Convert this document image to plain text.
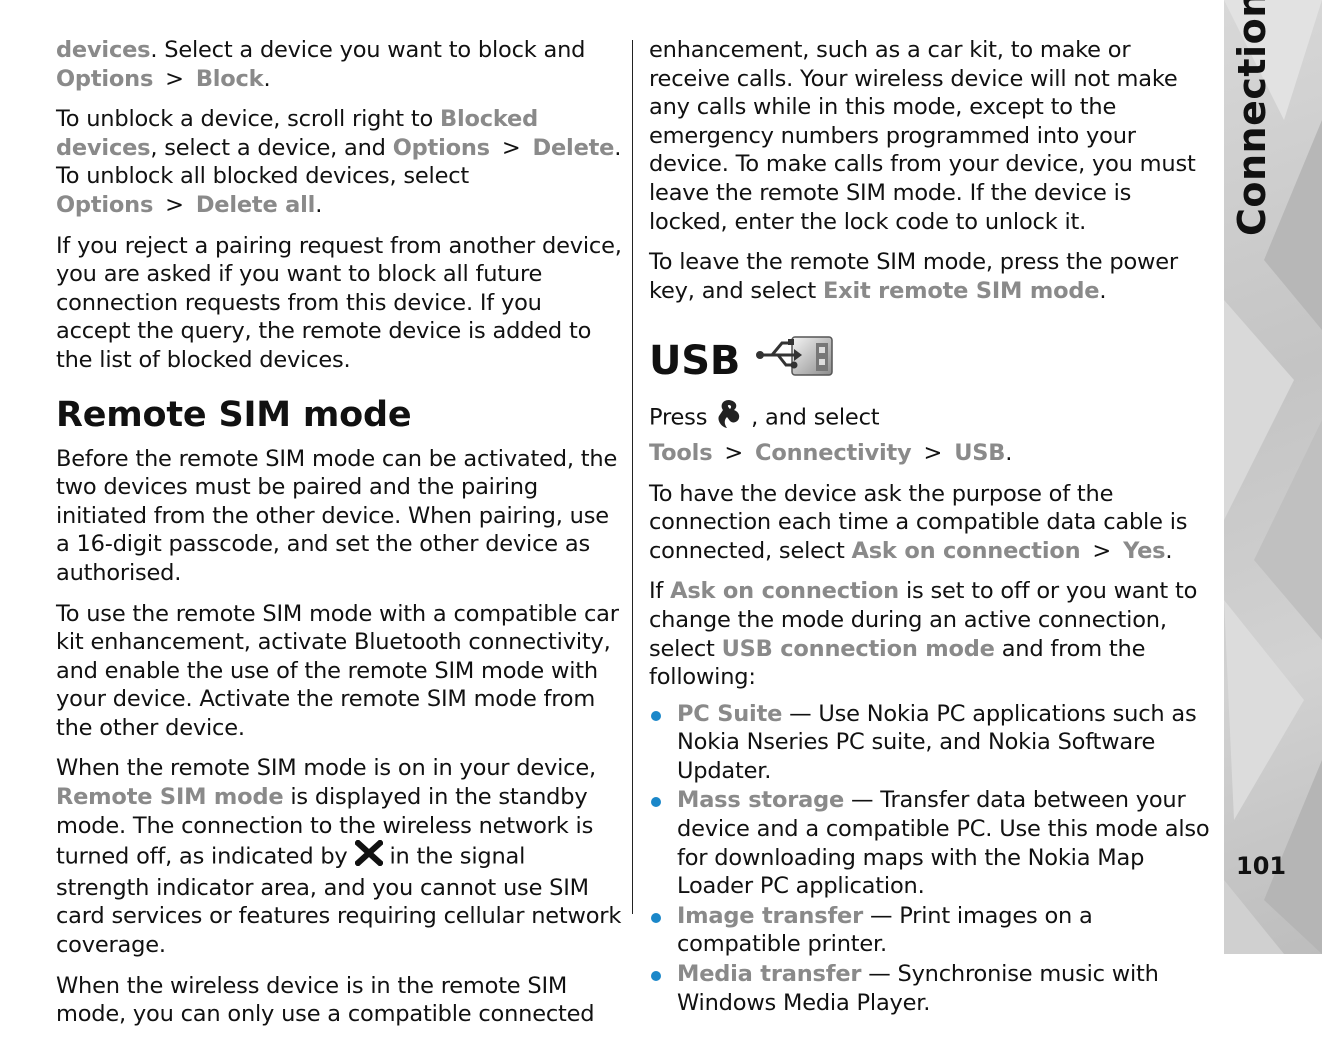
devices. Select a device you want to block and Options > Block.

To unblock a device, scroll right to Blocked devices, select a device, and Options > Delete. To unblock all blocked devices, select Options > Delete all.

If you reject a pairing request from another device, you are asked if you want to block all future connection requests from this device. If you accept the query, the remote device is added to the list of blocked devices.

Remote SIM mode

Before the remote SIM mode can be activated, the two devices must be paired and the pairing initiated from the other device. When pairing, use a 16-digit passcode, and set the other device as authorised.

To use the remote SIM mode with a compatible car kit enhancement, activate Bluetooth connectivity, and enable the use of the remote SIM mode with your device. Activate the remote SIM mode from the other device.

When the remote SIM mode is on in your device, Remote SIM mode is displayed in the standby mode. The connection to the wireless network is turned off, as indicated by  in the signal strength indicator area, and you cannot use SIM card services or features requiring cellular network coverage.

When the wireless device is in the remote SIM mode, you can only use a compatible connected

enhancement, such as a car kit, to make or receive calls. Your wireless device will not make any calls while in this mode, except to the emergency numbers programmed into your device. To make calls from your device, you must leave the remote SIM mode. If the device is locked, enter the lock code to unlock it.

To leave the remote SIM mode, press the power key, and select Exit remote SIM mode.

USB

Press  , and select Tools > Connectivity > USB.

To have the device ask the purpose of the connection each time a compatible data cable is connected, select Ask on connection > Yes.

If Ask on connection is set to off or you want to change the mode during an active connection, select USB connection mode and from the following:

PC Suite — Use Nokia PC applications such as Nokia Nseries PC suite, and Nokia Software Updater.
Mass storage — Transfer data between your device and a compatible PC. Use this mode also for downloading maps with the Nokia Map Loader PC application.
Image transfer — Print images on a compatible printer.
Media transfer — Synchronise music with Windows Media Player.
101
